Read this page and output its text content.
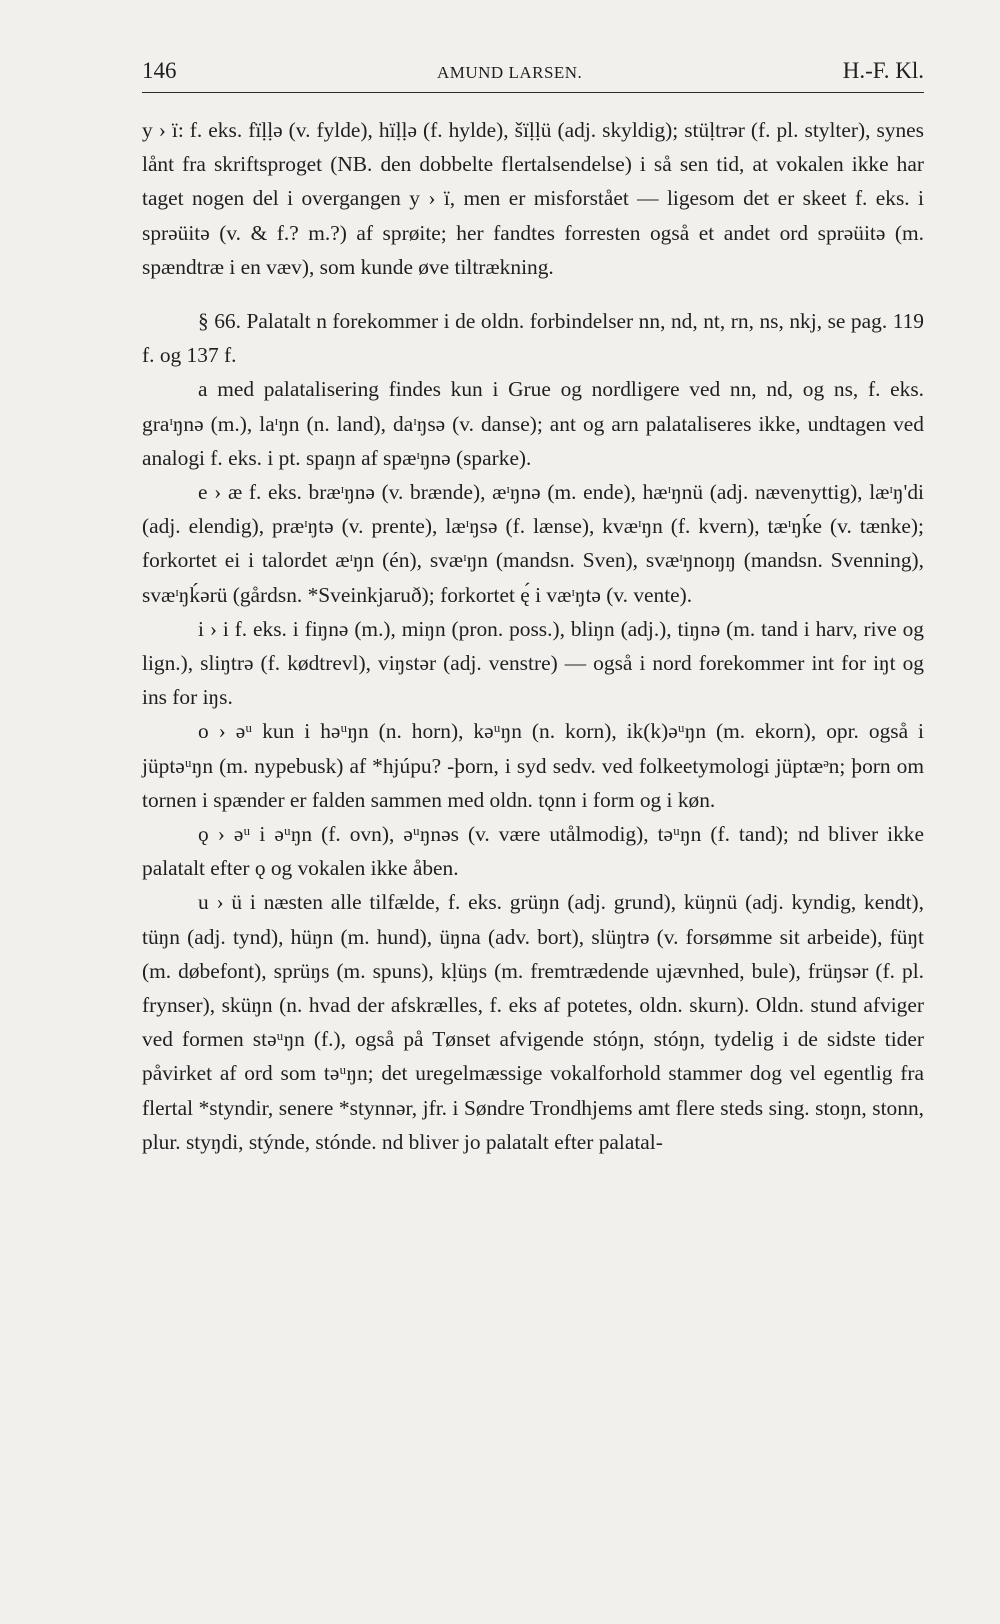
146	AMUND LARSEN.	H.-F. Kl.

y › ï: f. eks. fïḷḷə (v. fylde), hïḷḷə (f. hylde), šïḷḷü (adj. skyldig); stüḷtrər (f. pl. stylter), synes lånt fra skriftsproget (NB. den dobbelte flertalsendelse) i så sen tid, at vokalen ikke har taget nogen del i overgangen y › ï, men er misforstået — ligesom det er skeet f. eks. i sprəüitə (v. & f.? m.?) af sprøite; her fandtes forresten også et andet ord sprəüitə (m. spændtræ i en væv), som kunde øve tiltrækning.

§ 66. Palatalt n forekommer i de oldn. forbindelser nn, nd, nt, rn, ns, nkj, se pag. 119 f. og 137 f.

a med palatalisering findes kun i Grue og nordligere ved nn, nd, og ns, f. eks. graᶦŋnə (m.), laᶦŋn (n. land), daᶦŋsə (v. danse); ant og arn palataliseres ikke, undtagen ved analogi f. eks. i pt. spaŋn af spæᶦŋnə (sparke).

e › æ f. eks. bræᶦŋnə (v. brænde), æᶦŋnə (m. ende), hæᶦŋnü (adj. nævenyttig), læᶦŋ'di (adj. elendig), præᶦŋtə (v. prente), læᶦŋsə (f. lænse), kvæᶦŋn (f. kvern), tæᶦŋḱe (v. tænke); forkortet ei i talordet æᶦŋn (én), svæᶦŋn (mandsn. Sven), svæᶦŋnoŋŋ (mandsn. Svenning), svæᶦŋḱərü (gårdsn. *Sveinkjaruð); forkortet ę́ i væᶦŋtə (v. vente).

i › i f. eks. i fiŋnə (m.), miŋn (pron. poss.), bliŋn (adj.), tiŋnə (m. tand i harv, rive og lign.), sliŋtrə (f. kødtrevl), viŋstər (adj. venstre) — også i nord forekommer int for iŋt og ins for iŋs.

o › əᵘ kun i həᵘŋn (n. horn), kəᵘŋn (n. korn), ik(k)əᵘŋn (m. ekorn), opr. også i jüptəᵘŋn (m. nypebusk) af *hjúpu? -þorn, i syd sedv. ved folkeetymologi jüptæᵊn; þorn om tornen i spænder er falden sammen med oldn. tǫnn i form og i køn.

ǫ › əᵘ i əᵘŋn (f. ovn), əᵘŋnəs (v. være utålmodig), təᵘŋn (f. tand); nd bliver ikke palatalt efter ǫ og vokalen ikke åben.

u › ü i næsten alle tilfælde, f. eks. grüŋn (adj. grund), küŋnü (adj. kyndig, kendt), tüŋn (adj. tynd), hüŋn (m. hund), üŋna (adv. bort), slüŋtrə (v. forsømme sit arbeide), füŋt (m. døbefont), sprüŋs (m. spuns), kḷüŋs (m. fremtrædende ujævnhed, bule), früŋsər (f. pl. frynser), sküŋn (n. hvad der afskrælles, f. eks af potetes, oldn. skurn). Oldn. stund afviger ved formen stəᵘŋn (f.), også på Tønset afvigende stóŋn, stóŋn, tydelig i de sidste tider påvirket af ord som təᵘŋn; det uregelmæssige vokalforhold stammer dog vel egentlig fra flertal *styndir, senere *stynnər, jfr. i Søndre Trondhjems amt flere steds sing. stoŋn, stonn, plur. styŋdi, stýnde, stónde. nd bliver jo palatalt efter palatal-
